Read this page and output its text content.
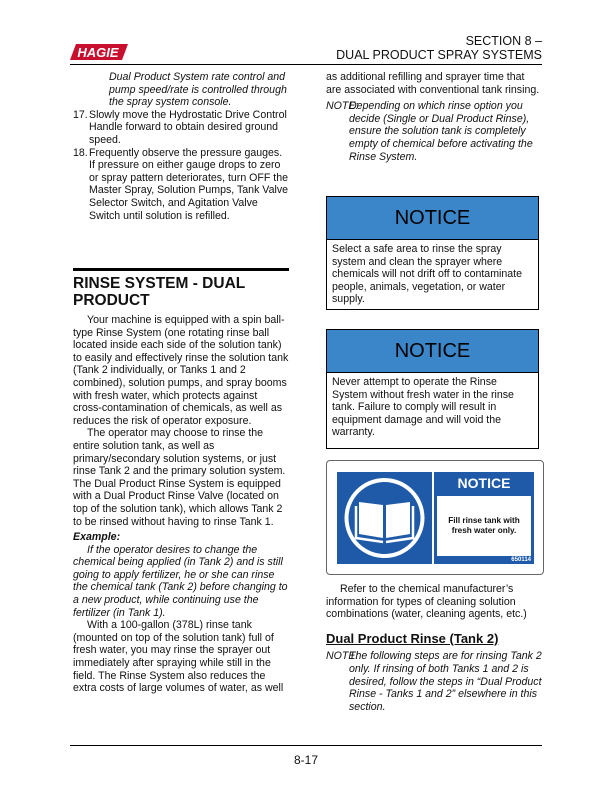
HAGIE
SECTION 8 –
DUAL PRODUCT SPRAY SYSTEMS

Dual Product System rate control and pump speed/rate is controlled through the spray system console.

17. Slowly move the Hydrostatic Drive Control Handle forward to obtain desired ground speed.
18. Frequently observe the pressure gauges. If pressure on either gauge drops to zero or spray pattern deteriorates, turn OFF the Master Spray, Solution Pumps, Tank Valve Selector Switch, and Agitation Valve Switch until solution is refilled.
RINSE SYSTEM - DUAL PRODUCT

Your machine is equipped with a spin ball-type Rinse System (one rotating rinse ball located inside each side of the solution tank) to easily and effectively rinse the solution tank (Tank 2 individually, or Tanks 1 and 2 combined), solution pumps, and spray booms with fresh water, which protects against cross-contamination of chemicals, as well as reduces the risk of operator exposure.

The operator may choose to rinse the entire solution tank, as well as primary/secondary solution systems, or just rinse Tank 2 and the primary solution system. The Dual Product Rinse System is equipped with a Dual Product Rinse Valve (located on top of the solution tank), which allows Tank 2 to be rinsed without having to rinse Tank 1.

Example:

If the operator desires to change the chemical being applied (in Tank 2) and is still going to apply fertilizer, he or she can rinse the chemical tank (Tank 2) before changing to a new product, while continuing use the fertilizer (in Tank 1).

With a 100-gallon (378L) rinse tank (mounted on top of the solution tank) full of fresh water, you may rinse the sprayer out immediately after spraying while still in the field. The Rinse System also reduces the extra costs of large volumes of water, as well

as additional refilling and sprayer time that are associated with conventional tank rinsing.

NOTE:
Depending on which rinse option you decide (Single or Dual Product Rinse), ensure the solution tank is completely empty of chemical before activating the Rinse System.
NOTICE
Select a safe area to rinse the spray system and clean the sprayer where chemicals will not drift off to contaminate people, animals, vegetation, or water supply.
NOTICE
Never attempt to operate the Rinse System without fresh water in the rinse tank. Failure to comply will result in equipment damage and will void the warranty.
NOTICE
Fill rinse tank with
fresh water only.
650114

Refer to the chemical manufacturer’s information for types of cleaning solution combinations (water, cleaning agents, etc.)

Dual Product Rinse (Tank 2)
NOTE:
The following steps are for rinsing Tank 2 only. If rinsing of both Tanks 1 and 2 is desired, follow the steps in “Dual Product Rinse - Tanks 1 and 2” elsewhere in this section.
8-17
